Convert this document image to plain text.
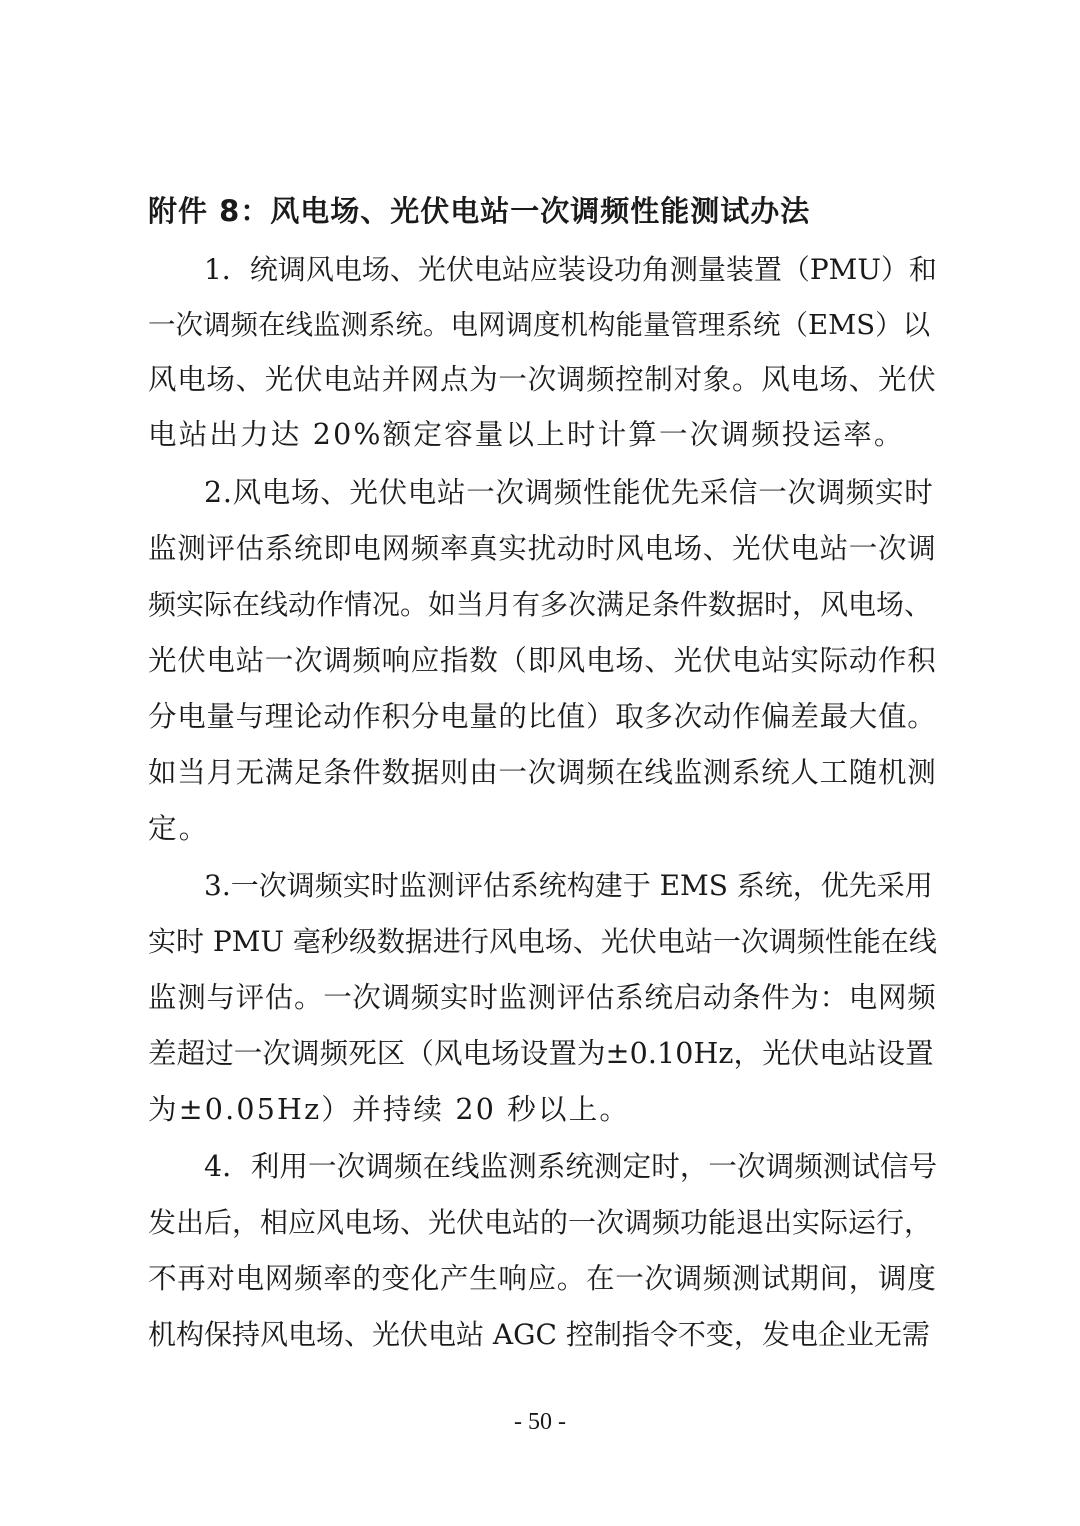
附件 8：风电场、光伏电站一次调频性能测试办法
1．统调风电场、光伏电站应装设功角测量装置（PMU）和
一次调频在线监测系统。电网调度机构能量管理系统（EMS）以
风电场、光伏电站并网点为一次调频控制对象。风电场、光伏
电站出力达 20%额定容量以上时计算一次调频投运率。
2.风电场、光伏电站一次调频性能优先采信一次调频实时
监测评估系统即电网频率真实扰动时风电场、光伏电站一次调
频实际在线动作情况。如当月有多次满足条件数据时，风电场、
光伏电站一次调频响应指数（即风电场、光伏电站实际动作积
分电量与理论动作积分电量的比值）取多次动作偏差最大值。
如当月无满足条件数据则由一次调频在线监测系统人工随机测
定。
3.一次调频实时监测评估系统构建于 EMS 系统，优先采用
实时 PMU 毫秒级数据进行风电场、光伏电站一次调频性能在线
监测与评估。一次调频实时监测评估系统启动条件为：电网频
差超过一次调频死区（风电场设置为±0.10Hz，光伏电站设置
为±0.05Hz）并持续 20 秒以上。
4．利用一次调频在线监测系统测定时，一次调频测试信号
发出后，相应风电场、光伏电站的一次调频功能退出实际运行，
不再对电网频率的变化产生响应。在一次调频测试期间，调度
机构保持风电场、光伏电站 AGC 控制指令不变，发电企业无需
- 50 -
